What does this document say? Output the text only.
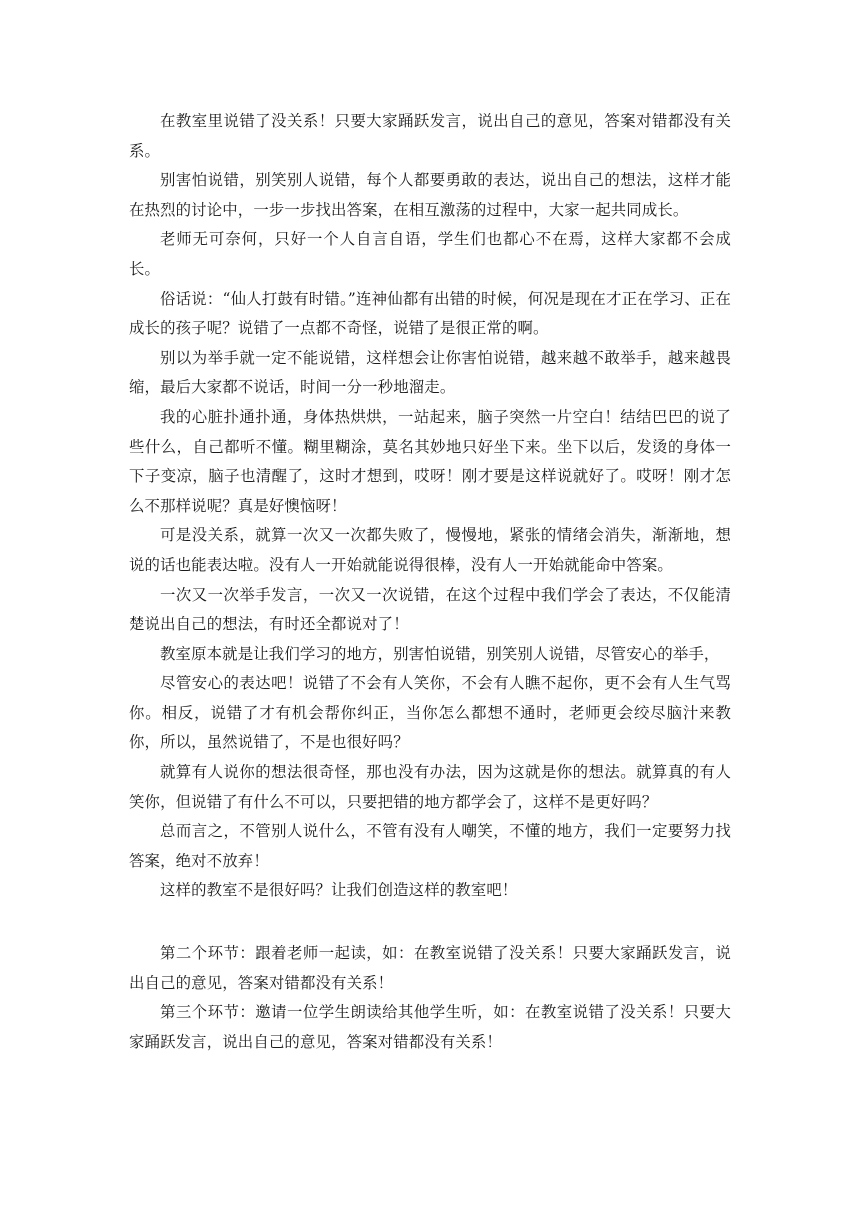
在教室里说错了没关系！只要大家踊跃发言，说出自己的意见，答案对错都没有关系。

别害怕说错，别笑别人说错，每个人都要勇敢的表达，说出自己的想法，这样才能在热烈的讨论中，一步一步找出答案，在相互激荡的过程中，大家一起共同成长。

老师无可奈何，只好一个人自言自语，学生们也都心不在焉，这样大家都不会成长。

俗话说：“仙人打鼓有时错。”连神仙都有出错的时候，何况是现在才正在学习、正在成长的孩子呢？说错了一点都不奇怪，说错了是很正常的啊。

别以为举手就一定不能说错，这样想会让你害怕说错，越来越不敢举手，越来越畏缩，最后大家都不说话，时间一分一秒地溜走。

我的心脏扑通扑通，身体热烘烘，一站起来，脑子突然一片空白！结结巴巴的说了些什么，自己都听不懂。糊里糊涂，莫名其妙地只好坐下来。坐下以后，发烫的身体一下子变凉，脑子也清醒了，这时才想到，哎呀！刚才要是这样说就好了。哎呀！刚才怎么不那样说呢？真是好懊恼呀！

可是没关系，就算一次又一次都失败了，慢慢地，紧张的情绪会消失，渐渐地，想说的话也能表达啦。没有人一开始就能说得很棒，没有人一开始就能命中答案。

一次又一次举手发言，一次又一次说错，在这个过程中我们学会了表达，不仅能清楚说出自己的想法，有时还全都说对了！

教室原本就是让我们学习的地方，别害怕说错，别笑别人说错，尽管安心的举手，

尽管安心的表达吧！说错了不会有人笑你，不会有人瞧不起你，更不会有人生气骂你。相反，说错了才有机会帮你纠正，当你怎么都想不通时，老师更会绞尽脑汁来教你，所以，虽然说错了，不是也很好吗？

就算有人说你的想法很奇怪，那也没有办法，因为这就是你的想法。就算真的有人笑你，但说错了有什么不可以，只要把错的地方都学会了，这样不是更好吗？

总而言之，不管别人说什么，不管有没有人嘲笑，不懂的地方，我们一定要努力找答案，绝对不放弃！

这样的教室不是很好吗？让我们创造这样的教室吧！

第二个环节：跟着老师一起读，如：在教室说错了没关系！只要大家踊跃发言，说出自己的意见，答案对错都没有关系！

第三个环节：邀请一位学生朗读给其他学生听，如：在教室说错了没关系！只要大家踊跃发言，说出自己的意见，答案对错都没有关系！
